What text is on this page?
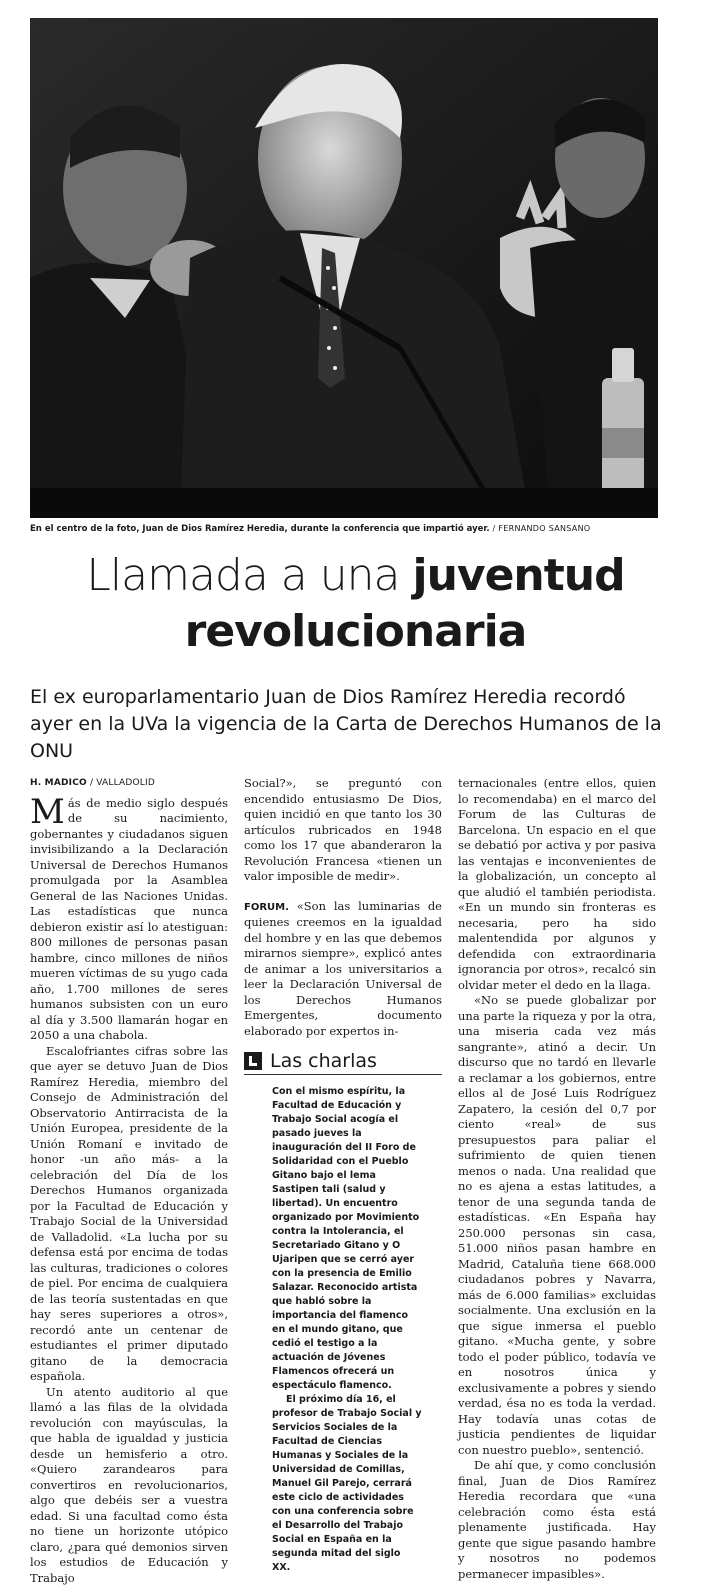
En el centro de la foto, Juan de Dios Ramírez Heredia, durante la conferencia que impartió ayer. / FERNANDO SANSANO
Llamada a una juventud
revolucionaria
El ex europarlamentario Juan de Dios Ramírez Heredia recordó ayer en la UVa la vigencia de la Carta de Derechos Humanos de la ONU
H. MADICO / VALLADOLID

Más de medio siglo después de su nacimiento, gobernantes y ciudadanos siguen invisibilizando a la Declaración Universal de Derechos Humanos promulgada por la Asamblea General de las Naciones Unidas. Las estadísticas que nunca debieron existir así lo atestiguan: 800 millones de personas pasan hambre, cinco millones de niños mueren víctimas de su yugo cada año, 1.700 millones de seres humanos subsisten con un euro al día y 3.500 llamarán hogar en 2050 a una chabola.

Escalofriantes cifras sobre las que ayer se detuvo Juan de Dios Ramírez Heredia, miembro del Consejo de Administración del Observatorio Antirracista de la Unión Europea, presidente de la Unión Romaní e invitado de honor -un año más- a la celebración del Día de los Derechos Humanos organizada por la Facultad de Educación y Trabajo Social de la Universidad de Valladolid. «La lucha por su defensa está por encima de todas las culturas, tradiciones o colores de piel. Por encima de cualquiera de las teoría sustentadas en que hay seres superiores a otros», recordó ante un centenar de estudiantes el primer diputado gitano de la democracia española.

Un atento auditorio al que llamó a las filas de la olvidada revolución con mayúsculas, la que habla de igualdad y justicia desde un hemisferio a otro. «Quiero zarandearos para convertiros en revolucionarios, algo que debéis ser a vuestra edad. Si una facultad como ésta no tiene un horizonte utópico claro, ¿para qué demonios sirven los estudios de Educación y Trabajo

Social?», se preguntó con encendido entusiasmo De Dios, quien incidió en que tanto los 30 artículos rubricados en 1948 como los 17 que abanderaron la Revolución Francesa «tienen un valor imposible de medir».

FORUM. «Son las luminarias de quienes creemos en la igualdad del hombre y en las que debemos mirarnos siempre», explicó antes de animar a los universitarios a leer la Declaración Universal de los Derechos Humanos Emergentes, documento elaborado por expertos in-

Las charlas

Con el mismo espíritu, la Facultad de Educación y Trabajo Social acogía el pasado jueves la inauguración del II Foro de Solidaridad con el Pueblo Gitano bajo el lema Sastipen tali (salud y libertad). Un encuentro organizado por Movimiento contra la Intolerancia, el Secretariado Gitano y O Ujaripen que se cerró ayer con la presencia de Emilio Salazar. Reconocido artista que habló sobre la importancia del flamenco en el mundo gitano, que cedió el testigo a la actuación de Jóvenes Flamencos ofrecerá un espectáculo flamenco.

El próximo día 16, el profesor de Trabajo Social y Servicios Sociales de la Facultad de Ciencias Humanas y Sociales de la Universidad de Comillas, Manuel Gil Parejo, cerrará este ciclo de actividades con una conferencia sobre el Desarrollo del Trabajo Social en España en la segunda mitad del siglo XX.

ternacionales (entre ellos, quien lo recomendaba) en el marco del Forum de las Culturas de Barcelona. Un espacio en el que se debatió por activa y por pasiva las ventajas e inconvenientes de la globalización, un concepto al que aludió el también periodista. «En un mundo sin fronteras es necesaria, pero ha sido malentendida por algunos y defendida con extraordinaria ignorancia por otros», recalcó sin olvidar meter el dedo en la llaga.

«No se puede globalizar por una parte la riqueza y por la otra, una miseria cada vez más sangrante», atinó a decir. Un discurso que no tardó en llevarle a reclamar a los gobiernos, entre ellos al de José Luis Rodríguez Zapatero, la cesión del 0,7 por ciento «real» de sus presupuestos para paliar el sufrimiento de quien tienen menos o nada. Una realidad que no es ajena a estas latitudes, a tenor de una segunda tanda de estadísticas. «En España hay 250.000 personas sin casa, 51.000 niños pasan hambre en Madrid, Cataluña tiene 668.000 ciudadanos pobres y Navarra, más de 6.000 familias» excluidas socialmente. Una exclusión en la que sigue inmersa el pueblo gitano. «Mucha gente, y sobre todo el poder público, todavía ve en nosotros única y exclusivamente a pobres y siendo verdad, ésa no es toda la verdad. Hay todavía unas cotas de justicia pendientes de liquidar con nuestro pueblo», sentenció.

De ahí que, y como conclusión final, Juan de Dios Ramírez Heredia recordara que «una celebración como ésta está plenamente justificada. Hay gente que sigue pasando hambre y nosotros no podemos permanecer impasibles».
